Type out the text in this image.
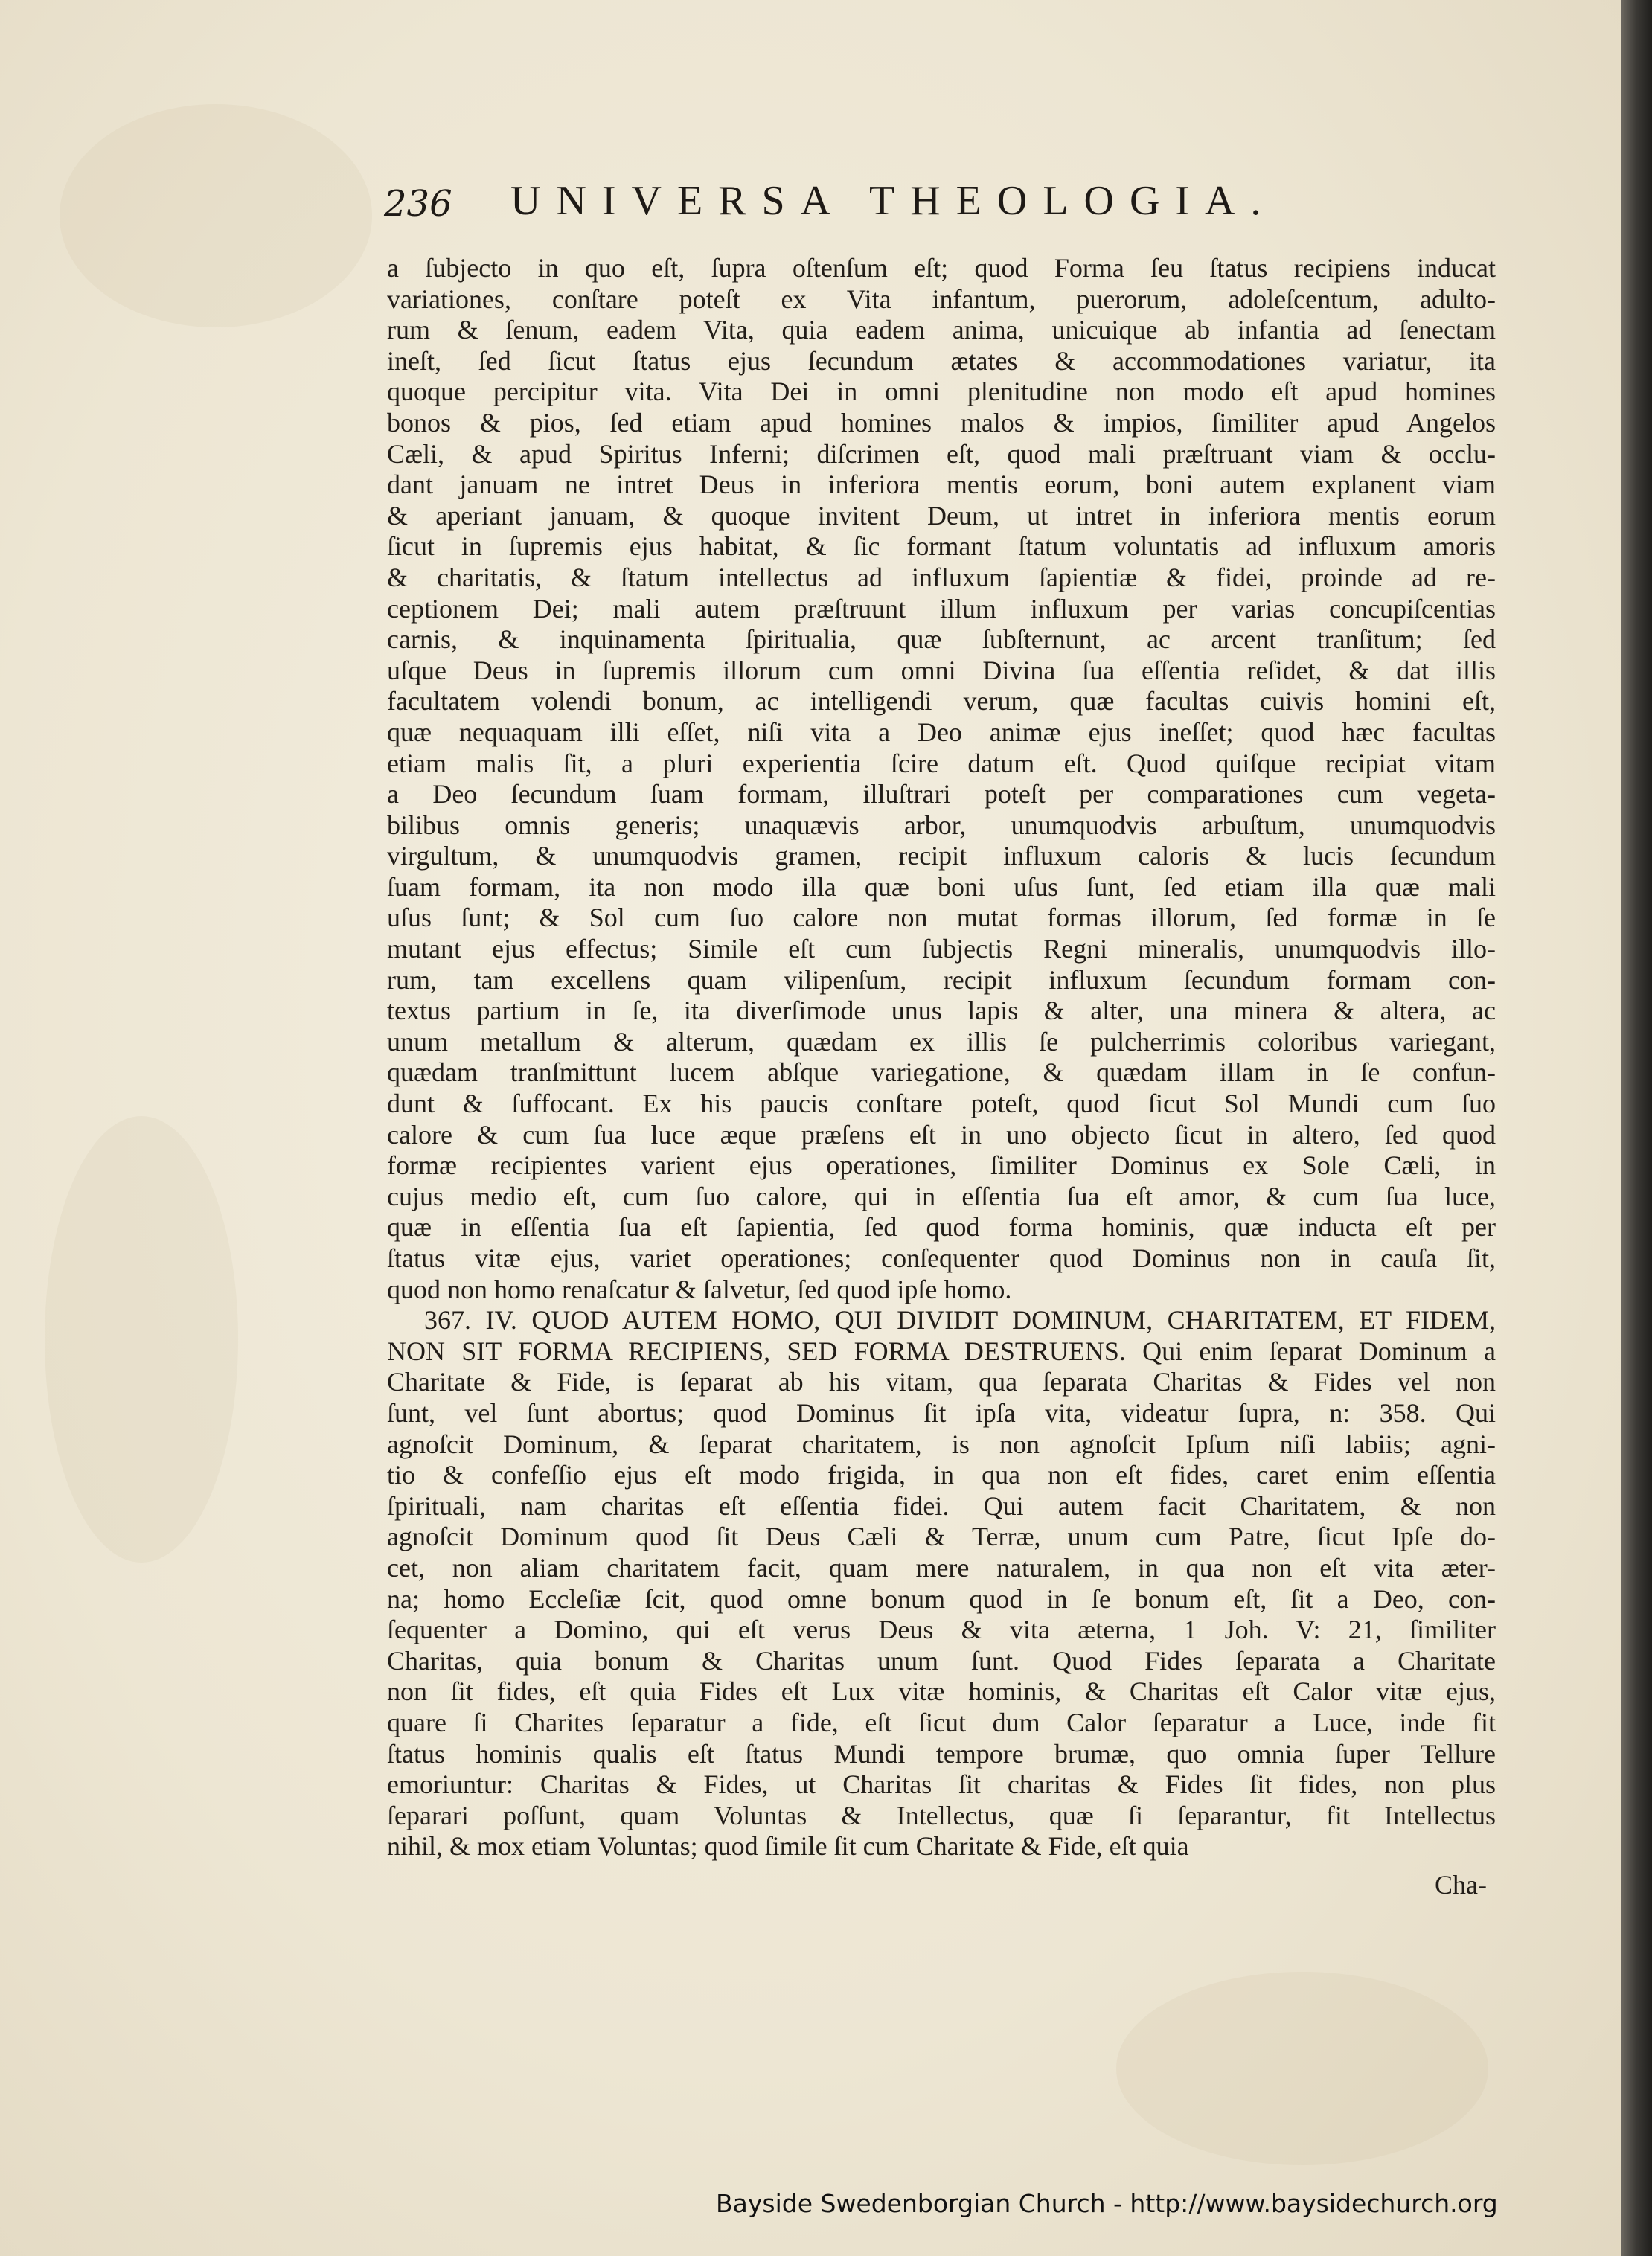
236 UNIVERSA THEOLOGIA.
a ſubjecto in quo eſt, ſupra oſtenſum eſt; quod Forma ſeu ſtatus recipiens inducat
variationes, conſtare poteſt ex Vita infantum, puerorum, adoleſcentum, adulto-
rum & ſenum, eadem Vita, quia eadem anima, unicuique ab infantia ad ſenectam
ineſt, ſed ſicut ſtatus ejus ſecundum ætates & accommodationes variatur, ita
quoque percipitur vita. Vita Dei in omni plenitudine non modo eſt apud homines
bonos & pios, ſed etiam apud homines malos & impios, ſimiliter apud Angelos
Cæli, & apud Spiritus Inferni; diſcrimen eſt, quod mali præſtruant viam & occlu-
dant januam ne intret Deus in inferiora mentis eorum, boni autem explanent viam
& aperiant januam, & quoque invitent Deum, ut intret in inferiora mentis eorum
ſicut in ſupremis ejus habitat, & ſic formant ſtatum voluntatis ad influxum amoris
& charitatis, & ſtatum intellectus ad influxum ſapientiæ & fidei, proinde ad re-
ceptionem Dei; mali autem præſtruunt illum influxum per varias concupiſcentias
carnis, & inquinamenta ſpiritualia, quæ ſubſternunt, ac arcent tranſitum; ſed
uſque Deus in ſupremis illorum cum omni Divina ſua eſſentia reſidet, & dat illis
facultatem volendi bonum, ac intelligendi verum, quæ facultas cuivis homini eſt,
quæ nequaquam illi eſſet, niſi vita a Deo animæ ejus ineſſet; quod hæc facultas
etiam malis ſit, a pluri experientia ſcire datum eſt. Quod quiſque recipiat vitam
a Deo ſecundum ſuam formam, illuſtrari poteſt per comparationes cum vegeta-
bilibus omnis generis; unaquævis arbor, unumquodvis arbuſtum, unumquodvis
virgultum, & unumquodvis gramen, recipit influxum caloris & lucis ſecundum
ſuam formam, ita non modo illa quæ boni uſus ſunt, ſed etiam illa quæ mali
uſus ſunt; & Sol cum ſuo calore non mutat formas illorum, ſed formæ in ſe
mutant ejus effectus; Simile eſt cum ſubjectis Regni mineralis, unumquodvis illo-
rum, tam excellens quam vilipenſum, recipit influxum ſecundum formam con-
textus partium in ſe, ita diverſimode unus lapis & alter, una minera & altera, ac
unum metallum & alterum, quædam ex illis ſe pulcherrimis coloribus variegant,
quædam tranſmittunt lucem abſque variegatione, & quædam illam in ſe confun-
dunt & ſuffocant. Ex his paucis conſtare poteſt, quod ſicut Sol Mundi cum ſuo
calore & cum ſua luce æque præſens eſt in uno objecto ſicut in altero, ſed quod
formæ recipientes varient ejus operationes, ſimiliter Dominus ex Sole Cæli, in
cujus medio eſt, cum ſuo calore, qui in eſſentia ſua eſt amor, & cum ſua luce,
quæ in eſſentia ſua eſt ſapientia, ſed quod forma hominis, quæ inducta eſt per
ſtatus vitæ ejus, variet operationes; conſequenter quod Dominus non in cauſa ſit,
quod non homo renaſcatur & ſalvetur, ſed quod ipſe homo.
367. IV. QUOD AUTEM HOMO, QUI DIVIDIT DOMINUM, CHARITATEM, ET FIDEM,
NON SIT FORMA RECIPIENS, SED FORMA DESTRUENS. Qui enim ſeparat Dominum a
Charitate & Fide, is ſeparat ab his vitam, qua ſeparata Charitas & Fides vel non
ſunt, vel ſunt abortus; quod Dominus ſit ipſa vita, videatur ſupra, n: 358. Qui
agnoſcit Dominum, & ſeparat charitatem, is non agnoſcit Ipſum niſi labiis; agni-
tio & confeſſio ejus eſt modo frigida, in qua non eſt fides, caret enim eſſentia
ſpirituali, nam charitas eſt eſſentia fidei. Qui autem facit Charitatem, & non
agnoſcit Dominum quod ſit Deus Cæli & Terræ, unum cum Patre, ſicut Ipſe do-
cet, non aliam charitatem facit, quam mere naturalem, in qua non eſt vita æter-
na; homo Eccleſiæ ſcit, quod omne bonum quod in ſe bonum eſt, ſit a Deo, con-
ſequenter a Domino, qui eſt verus Deus & vita æterna, 1 Joh. V: 21, ſimiliter
Charitas, quia bonum & Charitas unum ſunt. Quod Fides ſeparata a Charitate
non ſit fides, eſt quia Fides eſt Lux vitæ hominis, & Charitas eſt Calor vitæ ejus,
quare ſi Charites ſeparatur a fide, eſt ſicut dum Calor ſeparatur a Luce, inde fit
ſtatus hominis qualis eſt ſtatus Mundi tempore brumæ, quo omnia ſuper Tellure
emoriuntur: Charitas & Fides, ut Charitas ſit charitas & Fides ſit fides, non plus
ſeparari poſſunt, quam Voluntas & Intellectus, quæ ſi ſeparantur, fit Intellectus
nihil, & mox etiam Voluntas; quod ſimile ſit cum Charitate & Fide, eſt quia
Cha-
Bayside Swedenborgian Church - http://www.baysidechurch.org
